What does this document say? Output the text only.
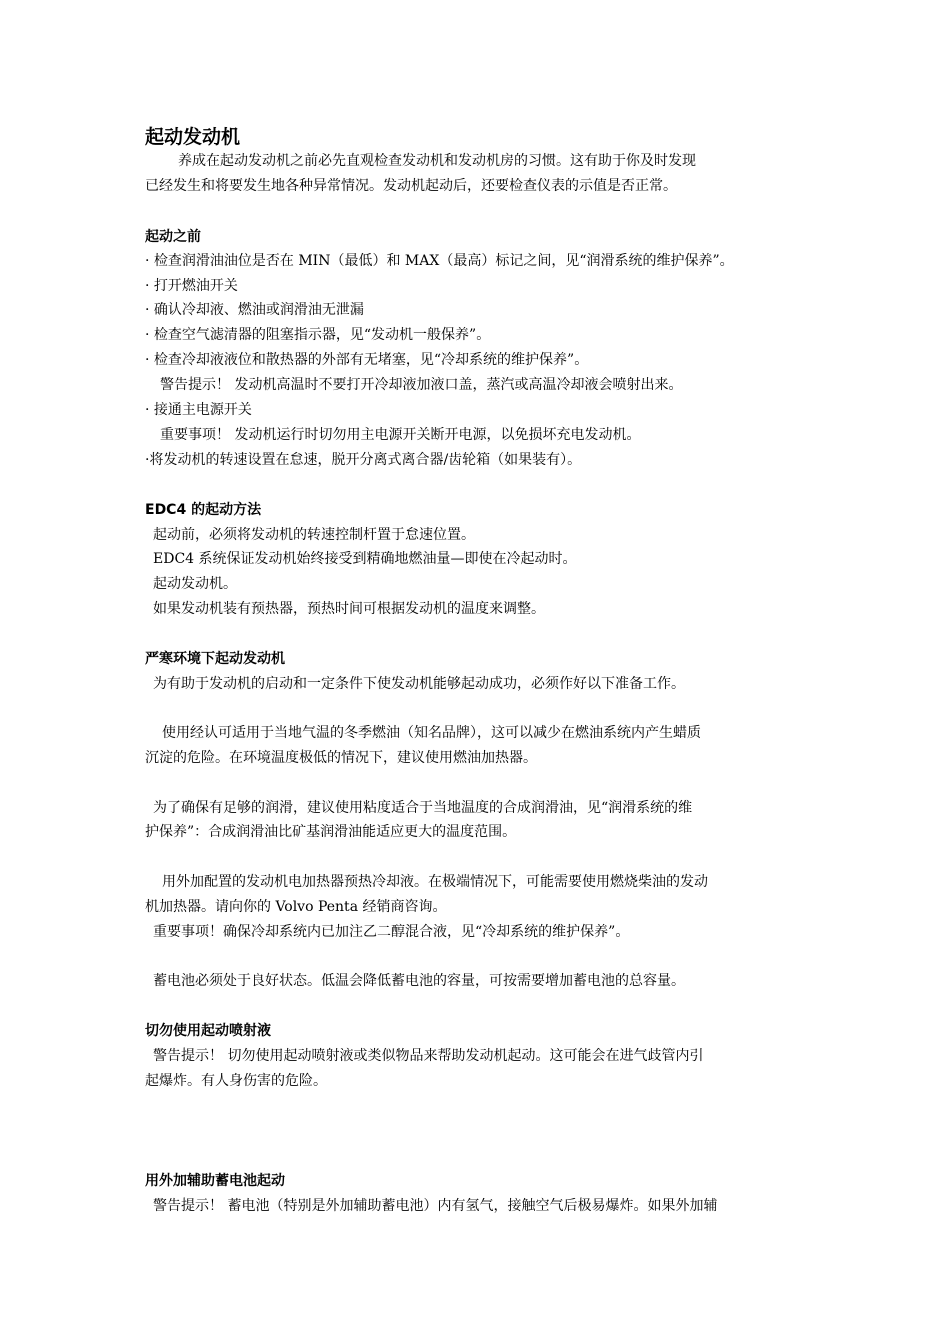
起动发动机
养成在起动发动机之前必先直观检查发动机和发动机房的习惯。这有助于你及时发现
已经发生和将要发生地各种异常情况。发动机起动后，还要检查仪表的示值是否正常。
起动之前
· 检查润滑油油位是否在 MIN（最低）和 MAX（最高）标记之间，见“润滑系统的维护保养”。
· 打开燃油开关
· 确认冷却液、燃油或润滑油无泄漏
· 检查空气滤清器的阻塞指示器，见“发动机一般保养”。
· 检查冷却液液位和散热器的外部有无堵塞，见“冷却系统的维护保养”。
警告提示！ 发动机高温时不要打开冷却液加液口盖，蒸汽或高温冷却液会喷射出来。
· 接通主电源开关
重要事项！ 发动机运行时切勿用主电源开关断开电源，以免损坏充电发动机。
·将发动机的转速设置在怠速，脱开分离式离合器/齿轮箱（如果装有）。
EDC4 的起动方法
起动前，必须将发动机的转速控制杆置于怠速位置。
EDC4 系统保证发动机始终接受到精确地燃油量—即使在冷起动时。
起动发动机。
如果发动机装有预热器，预热时间可根据发动机的温度来调整。
严寒环境下起动发动机
为有助于发动机的启动和一定条件下使发动机能够起动成功，必须作好以下准备工作。
使用经认可适用于当地气温的冬季燃油（知名品牌），这可以减少在燃油系统内产生蜡质
沉淀的危险。在环境温度极低的情况下，建议使用燃油加热器。
为了确保有足够的润滑，建议使用粘度适合于当地温度的合成润滑油，见“润滑系统的维
护保养”：合成润滑油比矿基润滑油能适应更大的温度范围。
用外加配置的发动机电加热器预热冷却液。在极端情况下，可能需要使用燃烧柴油的发动
机加热器。请向你的 Volvo Penta 经销商咨询。
重要事项！确保冷却系统内已加注乙二醇混合液，见“冷却系统的维护保养”。
蓄电池必须处于良好状态。低温会降低蓄电池的容量，可按需要增加蓄电池的总容量。
切勿使用起动喷射液
警告提示！ 切勿使用起动喷射液或类似物品来帮助发动机起动。这可能会在进气歧管内引
起爆炸。有人身伤害的危险。
用外加辅助蓄电池起动
警告提示！ 蓄电池（特别是外加辅助蓄电池）内有氢气，接触空气后极易爆炸。如果外加辅
